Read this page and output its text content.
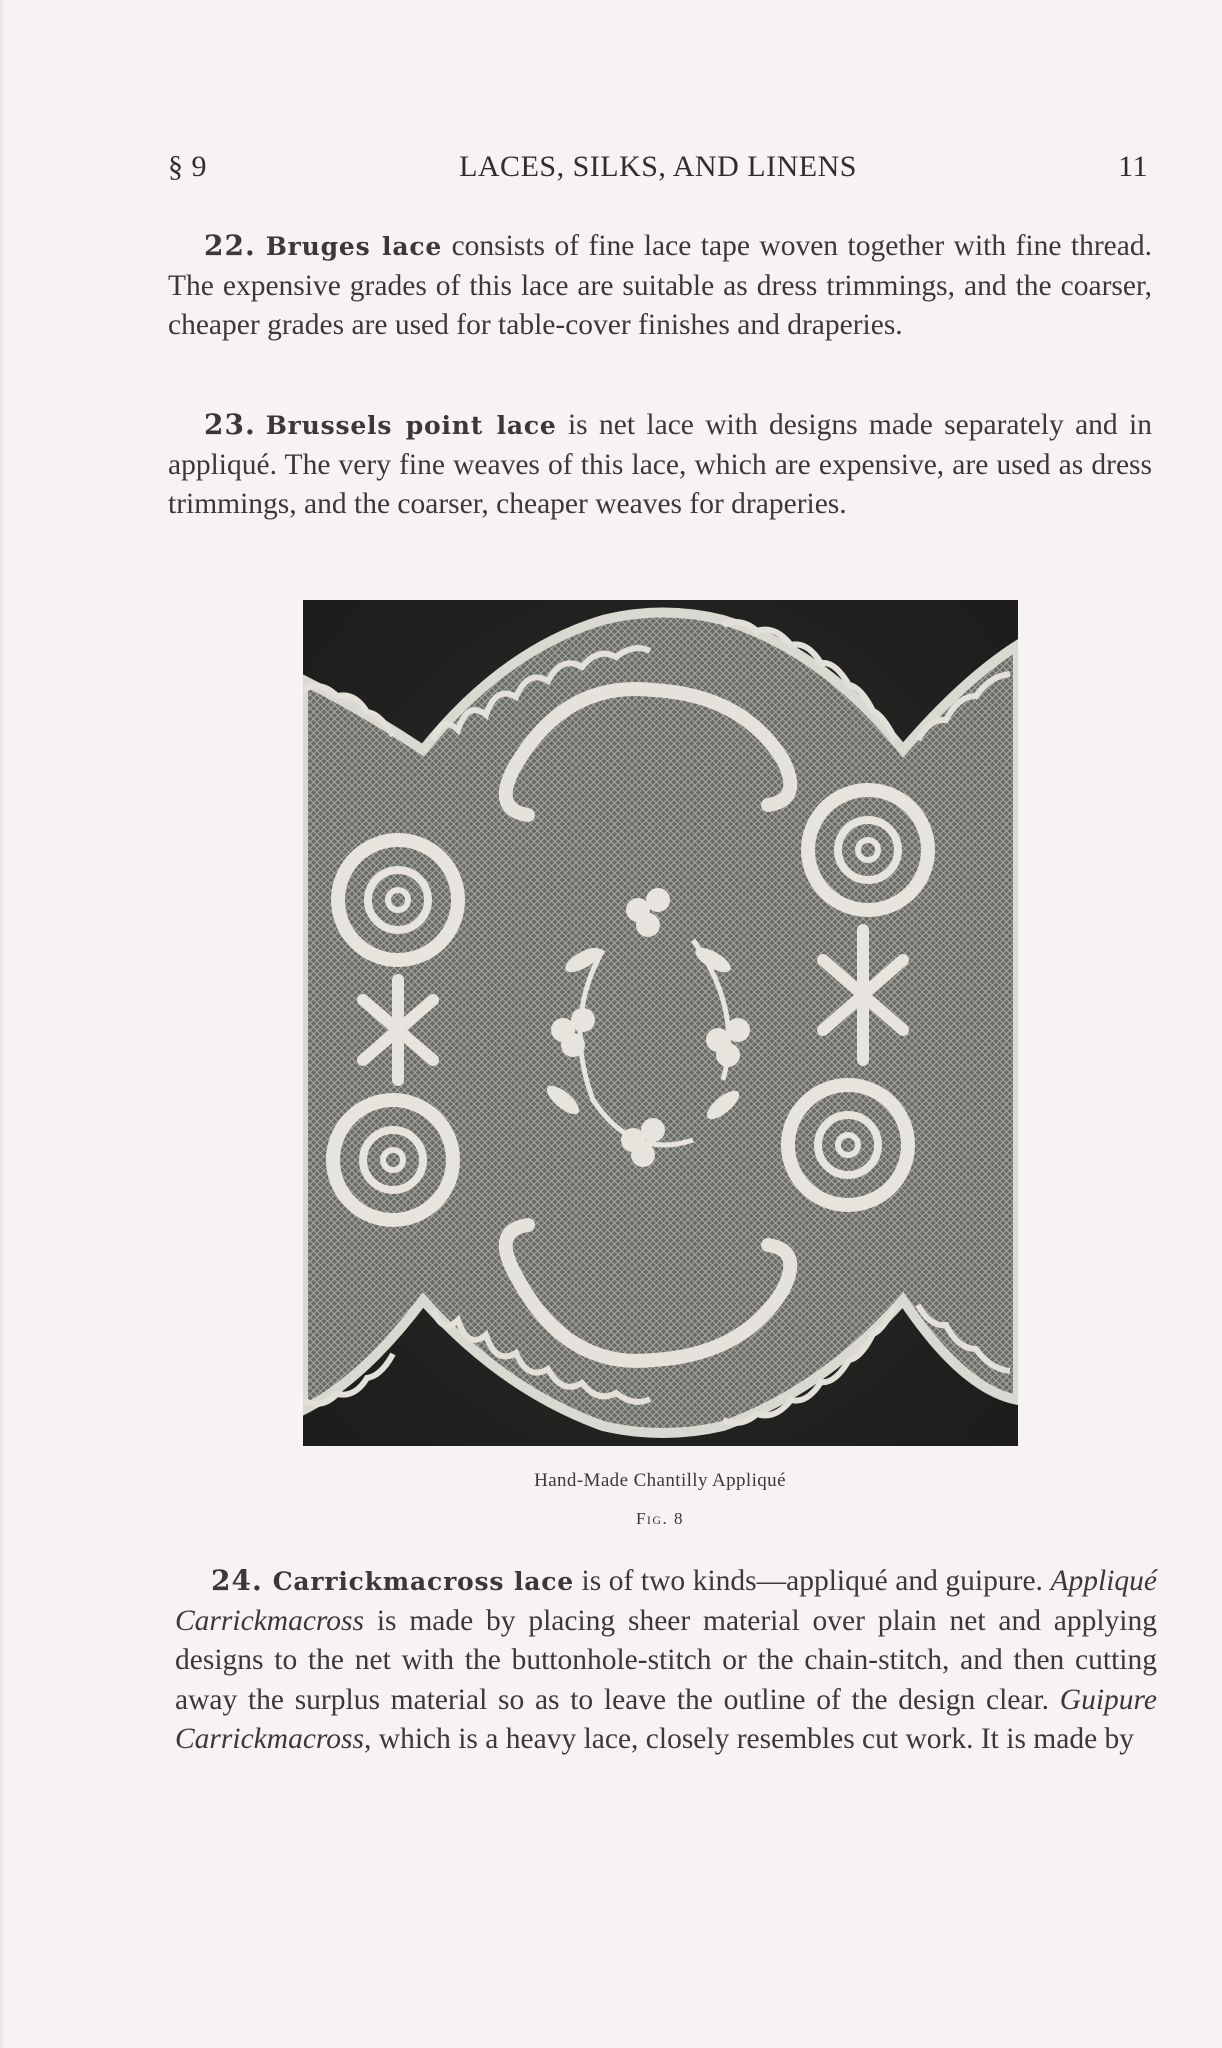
§ 9	LACES, SILKS, AND LINENS	11
22. Bruges lace consists of fine lace tape woven together with fine thread. The expensive grades of this lace are suitable as dress trimmings, and the coarser, cheaper grades are used for table-cover finishes and draperies.
23. Brussels point lace is net lace with designs made separately and in appliqué. The very fine weaves of this lace, which are expensive, are used as dress trimmings, and the coarser, cheaper weaves for draperies.
Hand-Made Chantilly Appliqué
Fig. 8
24. Carrickmacross lace is of two kinds—appliqué and guipure. Appliqué Carrickmacross is made by placing sheer material over plain net and applying designs to the net with the buttonhole-stitch or the chain-stitch, and then cutting away the surplus material so as to leave the outline of the design clear. Guipure Carrickmacross, which is a heavy lace, closely resembles cut work. It is made by
